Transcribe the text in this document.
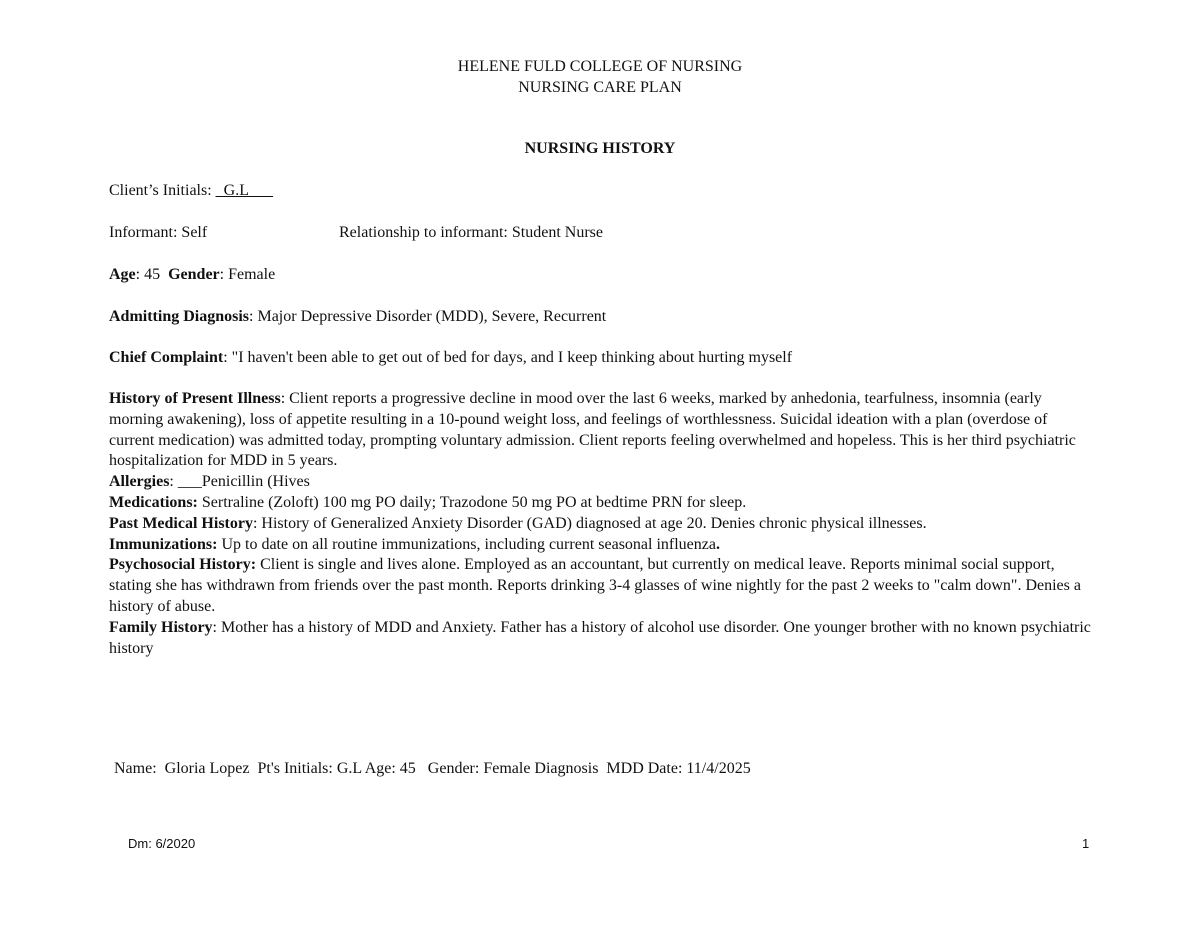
HELENE FULD COLLEGE OF NURSING
NURSING CARE PLAN
NURSING HISTORY
Client’s Initials: _G.L___
Informant: Self	Relationship to informant: Student Nurse
Age: 45  Gender: Female
Admitting Diagnosis: Major Depressive Disorder (MDD), Severe, Recurrent
Chief Complaint: "I haven't been able to get out of bed for days, and I keep thinking about hurting myself

History of Present Illness: Client reports a progressive decline in mood over the last 6 weeks, marked by anhedonia, tearfulness, insomnia (early morning awakening), loss of appetite resulting in a 10-pound weight loss, and feelings of worthlessness. Suicidal ideation with a plan (overdose of current medication) was admitted today, prompting voluntary admission. Client reports feeling overwhelmed and hopeless. This is her third psychiatric hospitalization for MDD in 5 years.

Allergies: ___Penicillin (Hives

Medications: Sertraline (Zoloft) 100 mg PO daily; Trazodone 50 mg PO at bedtime PRN for sleep.

Past Medical History: History of Generalized Anxiety Disorder (GAD) diagnosed at age 20. Denies chronic physical illnesses.

Immunizations: Up to date on all routine immunizations, including current seasonal influenza.

Psychosocial History: Client is single and lives alone. Employed as an accountant, but currently on medical leave. Reports minimal social support, stating she has withdrawn from friends over the past month. Reports drinking 3-4 glasses of wine nightly for the past 2 weeks to "calm down". Denies a history of abuse.

Family History: Mother has a history of MDD and Anxiety. Father has a history of alcohol use disorder. One younger brother with no known psychiatric history

Name:  Gloria Lopez  Pt's Initials: G.L Age: 45   Gender: Female Diagnosis  MDD Date: 11/4/2025
Dm: 6/2020	1
